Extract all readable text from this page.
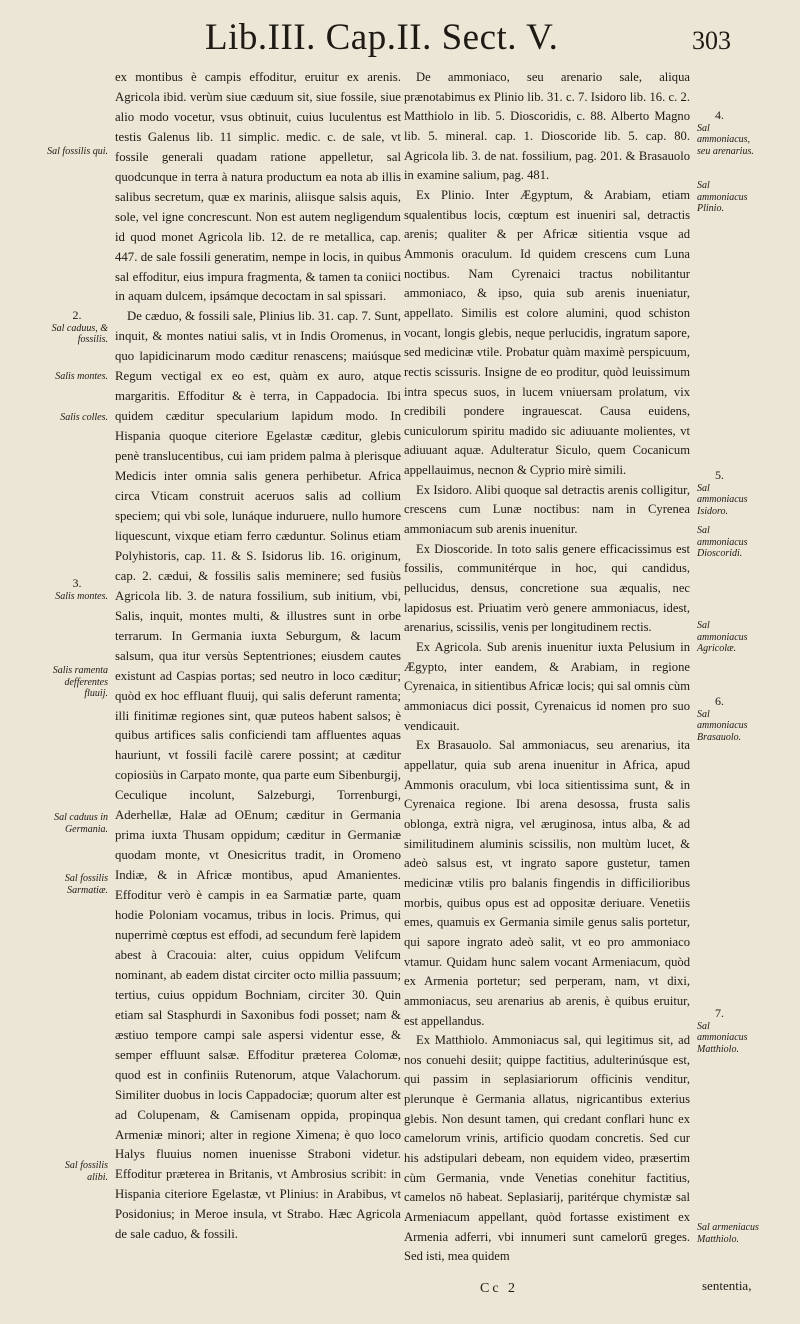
Lib.III. Cap.II. Sect. V.	303

ex montibus è campis effoditur, eruitur ex arenis. Agricola ibid. verùm siue cæduum sit, siue fossile, siue alio modo vocetur, vsus obtinuit, cuius luculentus est testis Galenus lib. 11 simplic. medic. c. de sale, vt fossile generali quadam ratione appelletur, sal quodcunque in terra à natura productum ea nota ab illis salibus secretum, quæ ex marinis, aliisque salsis aquis, sole, vel igne concrescunt. Non est autem negligendum id quod monet Agricola lib. 12. de re metallica, cap. 447. de sale fossili generatim, nempe in locis, in quibus sal effoditur, eius impura fragmenta, & tamen ta coniici in aquam dulcem, ipsámque decoctam in sal spissari.

De cæduo, & fossili sale, Plinius lib. 31. cap. 7. Sunt, inquit, & montes natiui salis, vt in Indis Oromenus, in quo lapidicinarum modo cæditur renascens; maiúsque Regum vectigal ex eo est, quàm ex auro, atque margaritis. Effoditur & è terra, in Cappadocia. Ibi quidem cæditur specularium lapidum modo. In Hispania quoque citeriore Egelastæ cæditur, glebis penè translucentibus, cui iam pridem palma à plerisque Medicis inter omnia salis genera perhibetur. Africa circa Vticam construit aceruos salis ad collium speciem; qui vbi sole, lunáque induruere, nullo humore liquescunt, vixque etiam ferro cæduntur. Solinus etiam Polyhistoris, cap. 11. & S. Isidorus lib. 16. originum, cap. 2. cædui, & fossilis salis meminere; sed fusiùs Agricola lib. 3. de natura fossilium, sub initium, vbi, Salis, inquit, montes multi, & illustres sunt in orbe terrarum. In Germania iuxta Seburgum, & lacum salsum, qua itur versùs Septentriones; eiusdem cautes existunt ad Caspias portas; sed neutro in loco cæditur; quòd ex hoc effluant fluuij, qui salis deferunt ramenta; illi finitimæ regiones sint, quæ puteos habent salsos; è quibus artifices salis conficiendi tam affluentes aquas hauriunt, vt fossili facilè carere possint; at cæditur copiosiùs in Carpato monte, qua parte eum Sibenburgij, Ceculique incolunt, Salzeburgi, Torrenburgi, Aderhellæ, Halæ ad OEnum; cæditur in Germania prima iuxta Thusam oppidum; cæditur in Germaniæ quodam monte, vt Onesicritus tradit, in Oromeno Indiæ, & in Africæ montibus, apud Amanientes. Effoditur verò è campis in ea Sarmatiæ parte, quam hodie Poloniam vocamus, tribus in locis. Primus, qui nuperrimè cœptus est effodi, ad secundum ferè lapidem abest à Cracouia: alter, cuius oppidum Velifcum nominant, ab eadem distat circiter octo millia passuum; tertius, cuius oppidum Bochniam, circiter 30. Quin etiam sal Stasphurdi in Saxonibus fodi posset; nam & æstiuo tempore campi sale aspersi videntur esse, & semper effluunt salsæ. Effoditur præterea Colomæ, quod est in confiniis Rutenorum, atque Valachorum. Similiter duobus in locis Cappadociæ; quorum alter est ad Colupenam, & Camisenam oppida, propinqua Armeniæ minori; alter in regione Ximena; è quo loco Halys fluuius nomen inuenisse Straboni videtur. Effoditur præterea in Britanis, vt Ambrosius scribit: in Hispania citeriore Egelastæ, vt Plinius: in Arabibus, vt Posidonius; in Meroe insula, vt Strabo. Hæc Agricola de sale caduo, & fossili.

De ammoniaco, seu arenario sale, aliqua prænotabimus ex Plinio lib. 31. c. 7. Isidoro lib. 16. c. 2. Matthiolo in lib. 5. Dioscoridis, c. 88. Alberto Magno lib. 5. mineral. cap. 1. Dioscoride lib. 5. cap. 80. Agricola lib. 3. de nat. fossilium, pag. 201. & Brasauolo in examine salium, pag. 481.

Ex Plinio. Inter Ægyptum, & Arabiam, etiam squalentibus locis, cœptum est inueniri sal, detractis arenis; qualiter & per Africæ sitientia vsque ad Ammonis oraculum. Id quidem crescens cum Luna noctibus. Nam Cyrenaici tractus nobilitantur ammoniaco, & ipso, quia sub arenis inueniatur, appellato. Similis est colore alumini, quod schiston vocant, longis glebis, neque perlucidis, ingratum sapore, sed medicinæ vtile. Probatur quàm maximè perspicuum, rectis scissuris. Insigne de eo proditur, quòd leuissimum intra specus suos, in lucem vniuersam prolatum, vix credibili pondere ingrauescat. Causa euidens, cuniculorum spiritu madido sic adiuuante molientes, vt adiuuant aquæ. Adulteratur Siculo, quem Cocanicum appellauimus, necnon & Cyprio mirè simili.

Ex Isidoro. Alibi quoque sal detractis arenis colligitur, crescens cum Lunæ noctibus: nam in Cyrenea ammoniacum sub arenis inuenitur.

Ex Dioscoride. In toto salis genere efficacissimus est fossilis, communitérque in hoc, qui candidus, pellucidus, densus, concretione sua æqualis, nec lapidosus est. Priuatim verò genere ammoniacus, idest, arenarius, scissilis, venis per longitudinem rectis.

Ex Agricola. Sub arenis inuenitur iuxta Pelusium in Ægypto, inter eandem, & Arabiam, in regione Cyrenaica, in sitientibus Africæ locis; qui sal omnis cùm ammoniacus dici possit, Cyrenaicus id nomen pro suo vendicauit.

Ex Brasauolo. Sal ammoniacus, seu arenarius, ita appellatur, quia sub arena inuenitur in Africa, apud Ammonis oraculum, vbi loca sitientissima sunt, & in Cyrenaica regione. Ibi arena desossa, frusta salis oblonga, extrà nigra, vel æruginosa, intus alba, & ad similitudinem aluminis scissilis, non multùm lucet, & adeò salsus est, vt ingrato sapore gustetur, tamen medicinæ vtilis pro balanis fingendis in difficilioribus morbis, quibus opus est ad oppositæ deriuare. Venetiis emes, quamuis ex Germania simile genus salis portetur, qui sapore ingrato adeò salit, vt eo pro ammoniaco vtamur. Quidam hunc salem vocant Armeniacum, quòd ex Armenia portetur; sed perperam, nam, vt dixi, ammoniacus, seu arenarius ab arenis, è quibus eruitur, est appellandus.

Ex Matthiolo. Ammoniacus sal, qui legitimus sit, ad nos conuehi desiit; quippe factitius, adulterinúsque est, qui passim in seplasiariorum officinis venditur, plerunque è Germania allatus, nigricantibus exterius glebis. Non desunt tamen, qui credant conflari hunc ex camelorum vrinis, artificio quodam concretis. Sed cur his adstipulari debeam, non equidem video, præsertim cùm Germania, vnde Venetias conehitur factitius, camelos nō habeat. Seplasiarij, paritérque chymistæ sal Armeniacum appellant, quòd fortasse existiment ex Armenia adferri, vbi innumeri sunt camelorū greges. Sed isti, mea quidem

Sal fossilis qui.
2.
Sal caduus, & fossilis.
Salis montes.
Salis colles.
3.
Salis montes.
Salis ramenta defferentes fluuij.
Sal caduus in Germania.
Sal fossilis Sarmatiæ.
Sal fossilis alibi.
4.
Sal ammoniacus, seu arenarius.
Sal ammoniacus Plinio.
5.
Sal ammoniacus Isidoro.
Sal ammoniacus Dioscoridi.
Sal ammoniacus Agricolæ.
6.
Sal ammoniacus Brasauolo.
7.
Sal ammoniacus Matthiolo.
Sal armeniacus Matthiolo.
Cc 2	sententia,
